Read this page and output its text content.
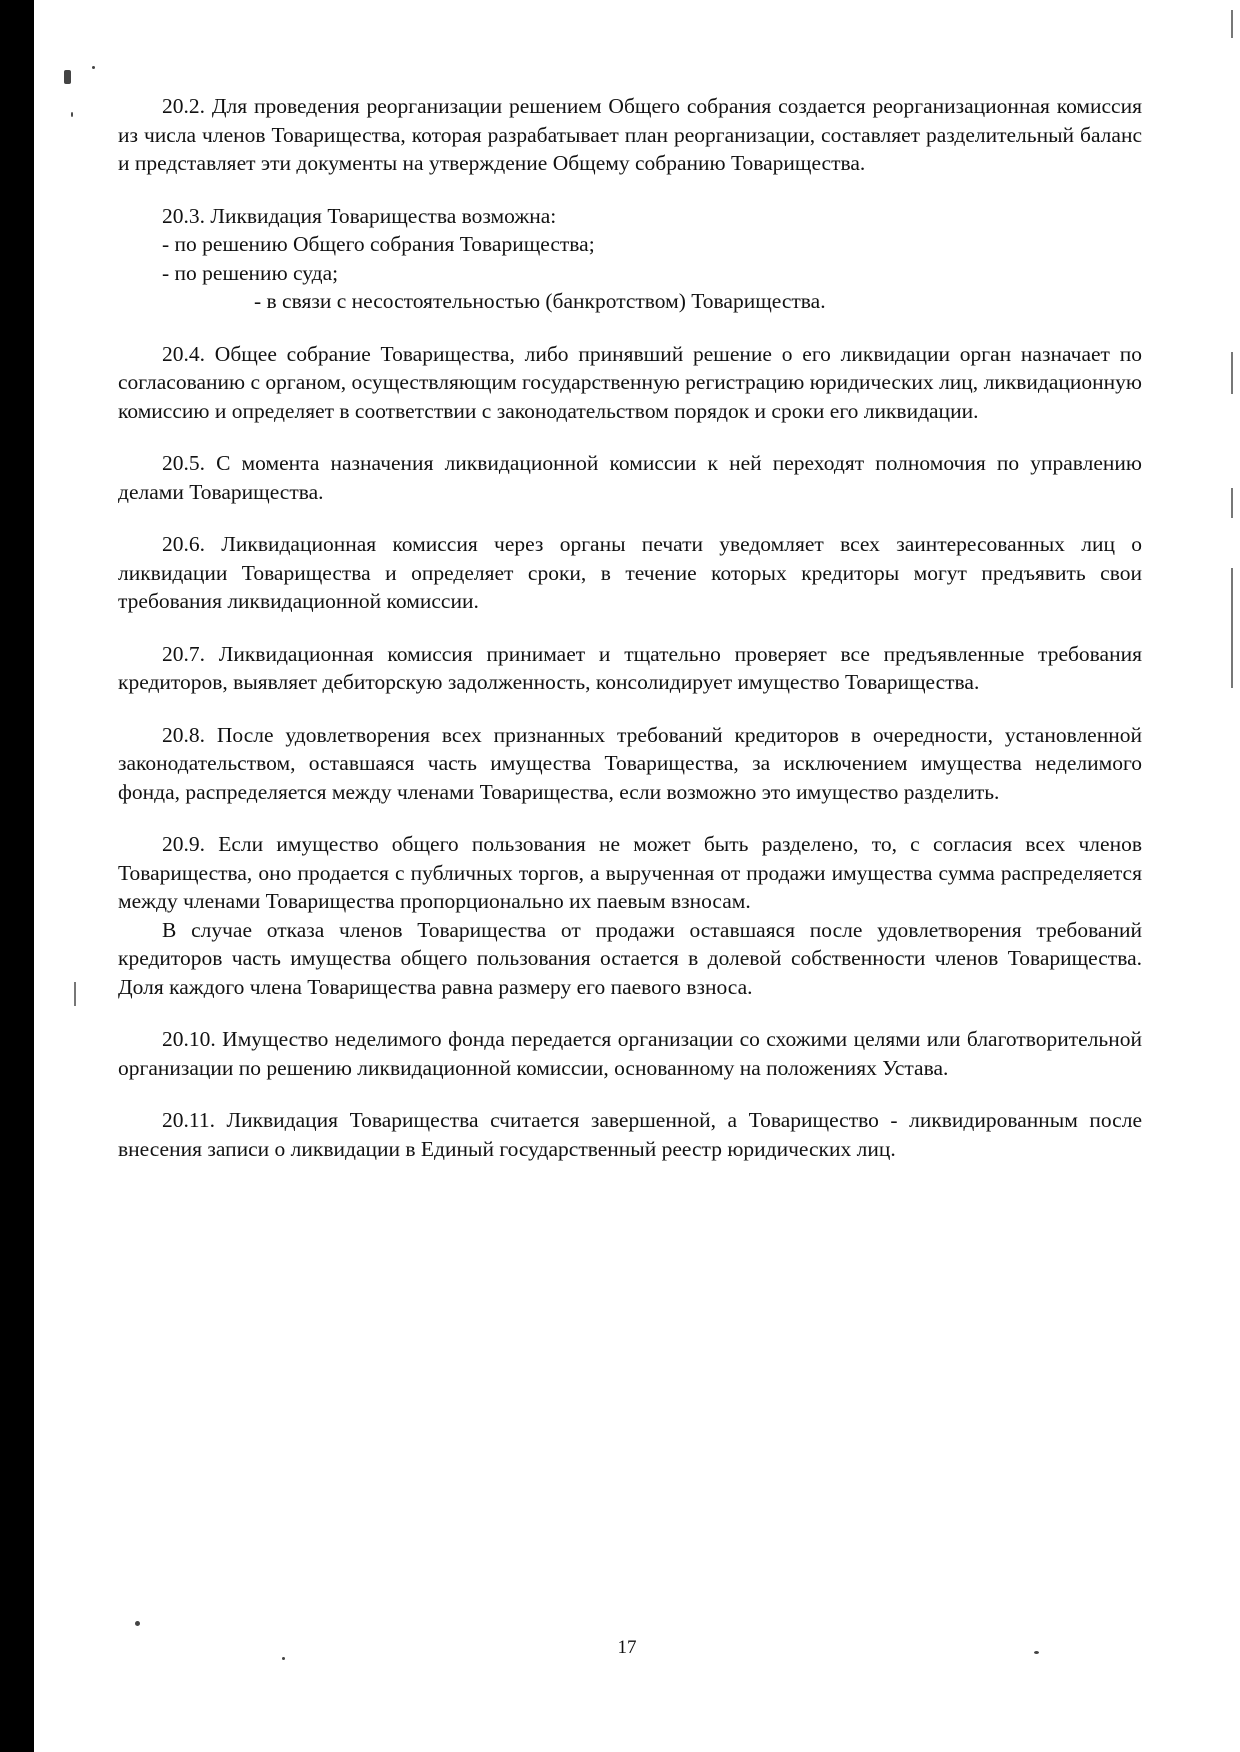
20.2. Для проведения реорганизации решением Общего собрания создается реорганизационная комиссия из числа членов Товарищества, которая разрабатывает план реорганизации, составляет разделительный баланс и представляет эти документы на утверждение Общему собранию Товарищества.

20.3. Ликвидация Товарищества возможна:
- по решению Общего собрания Товарищества;
- по решению суда;
- в связи с несостоятельностью (банкротством) Товарищества.

20.4. Общее собрание Товарищества, либо принявший решение о его ликвидации орган назначает по согласованию с органом, осуществляющим государственную регистрацию юридических лиц, ликвидационную комиссию и определяет в соответствии с законодательством порядок и сроки его ликвидации.

20.5. С момента назначения ликвидационной комиссии к ней переходят полномочия по управлению делами Товарищества.

20.6. Ликвидационная комиссия через органы печати уведомляет всех заинтересованных лиц о ликвидации Товарищества и определяет сроки, в течение которых кредиторы могут предъявить свои требования ликвидационной комиссии.

20.7. Ликвидационная комиссия принимает и тщательно проверяет все предъявленные требования кредиторов, выявляет дебиторскую задолженность, консолидирует имущество Товарищества.

20.8. После удовлетворения всех признанных требований кредиторов в очередности, установленной законодательством, оставшаяся часть имущества Товарищества, за исключением имущества неделимого фонда, распределяется между членами Товарищества, если возможно это имущество разделить.

20.9. Если имущество общего пользования не может быть разделено, то, с согласия всех членов Товарищества, оно продается с публичных торгов, а вырученная от продажи имущества сумма распределяется между членами Товарищества пропорционально их паевым взносам.

В случае отказа членов Товарищества от продажи оставшаяся после удовлетворения требований кредиторов часть имущества общего пользования остается в долевой собственности членов Товарищества. Доля каждого члена Товарищества равна размеру его паевого взноса.

20.10. Имущество неделимого фонда передается организации со схожими целями или благотворительной организации по решению ликвидационной комиссии, основанному на положениях Устава.

20.11. Ликвидация Товарищества считается завершенной, а Товарищество - ликвидированным после внесения записи о ликвидации в Единый государственный реестр юридических лиц.

17
